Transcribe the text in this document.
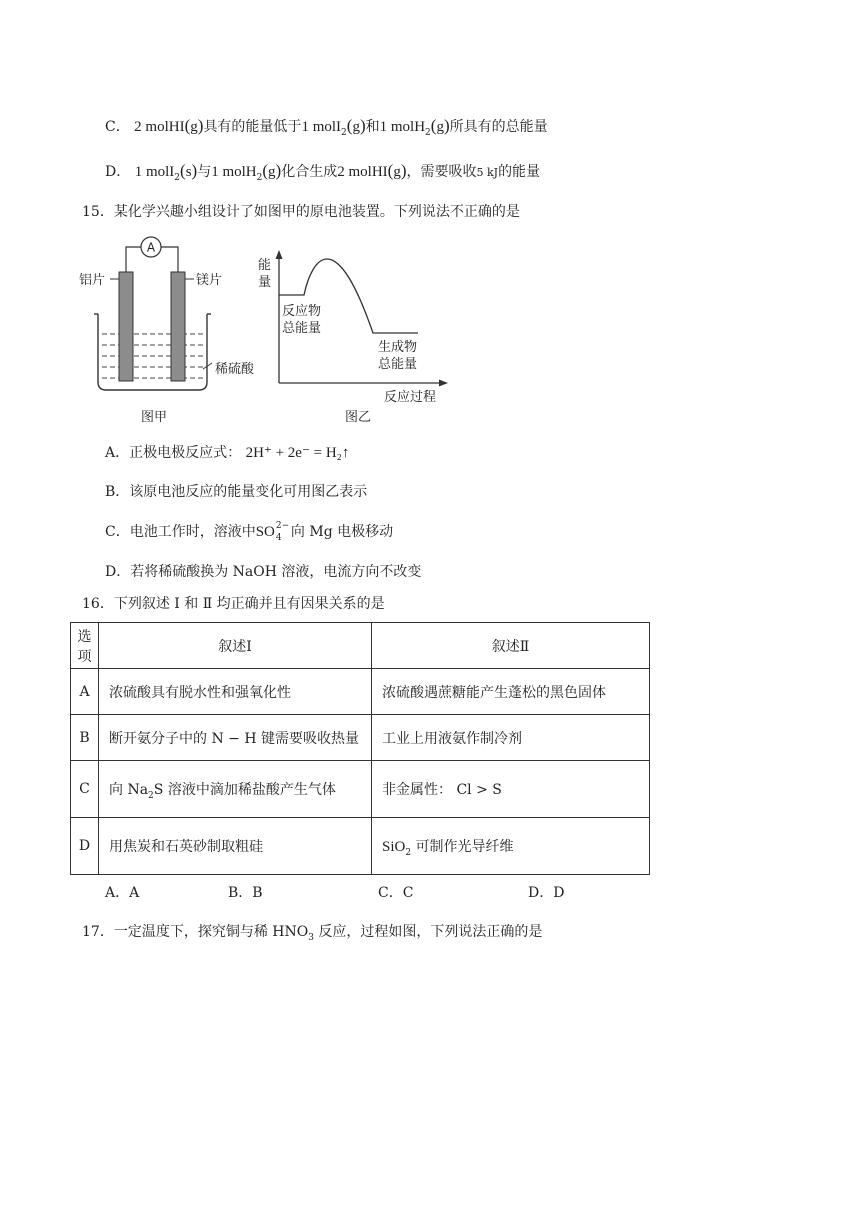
C． 2 molHI(g)具有的能量低于1 molI$_2$(g)和1 molH$_2$(g)所具有的总能量
D． 1 molI$_2$(s)与1 molH$_2$(g)化合生成2 molHI(g)，需要吸收5 kJ的能量
15．某化学兴趣小组设计了如图甲的原电池装置。下列说法不正确的是
A
铝片	镁片
稀硫酸
图甲
能
量
反应物
总能量
生成物
总能量
反应过程
图乙
A．正极电极反应式： 2H⁺ + 2e⁻ = H₂↑
B．该原电池反应的能量变化可用图乙表示
C．电池工作时，溶液中SO 2−
4 向 Mg 电极移动
D．若将稀硫酸换为 NaOH 溶液，电流方向不改变
16．下列叙述 Ⅰ 和 Ⅱ 均正确并且有因果关系的是
选项	叙述Ⅰ	叙述Ⅱ
A	浓硫酸具有脱水性和强氧化性	浓硫酸遇蔗糖能产生蓬松的黑色固体
B	断开氨分子中的 N − H 键需要吸收热量	工业上用液氨作制冷剂
C	向 $Na_2S$ 溶液中滴加稀盐酸产生气体	非金属性： Cl > S
D	用焦炭和石英砂制取粗硅	SiO$_2$ 可制作光导纤维
A．A	B．B	C．C	D．D
17．一定温度下，探究铜与稀 $HNO_3$ 反应，过程如图，下列说法正确的是
